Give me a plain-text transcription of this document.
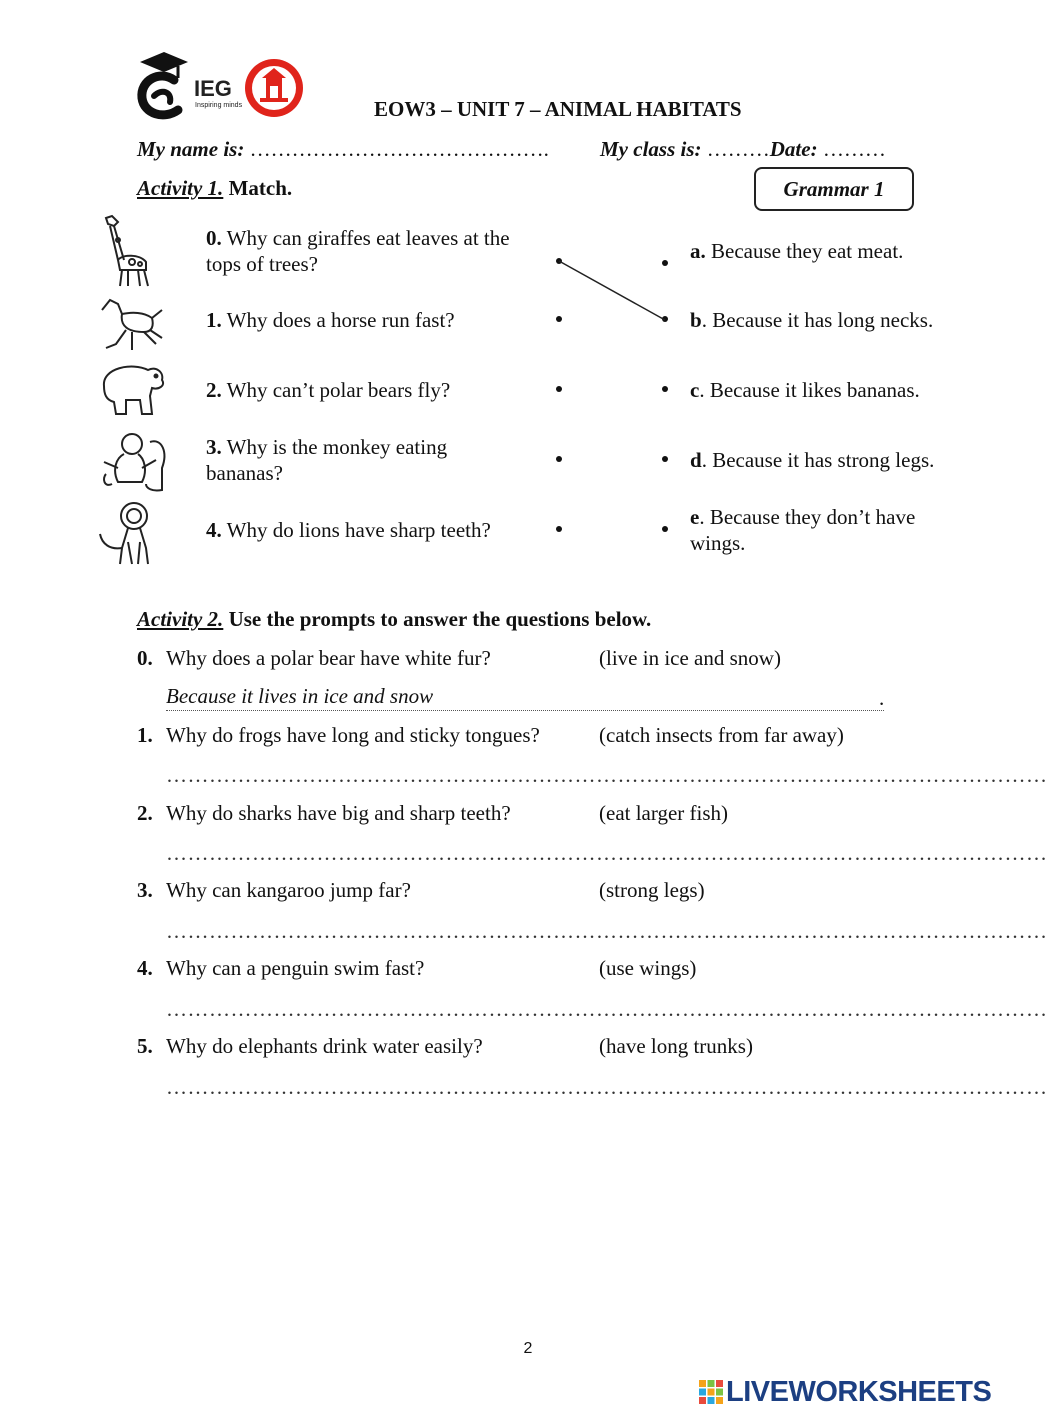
IEG
Inspiring minds	EOW3 – UNIT 7 – ANIMAL HABITATS
My name is: ……………………………………. My class is: ………Date: ………
Activity 1. Match.	Grammar 1
0. Why can giraffes eat leaves at the tops of trees?
1. Why does a horse run fast?
2. Why can’t polar bears fly?
3. Why is the monkey eating bananas?
4. Why do lions have sharp teeth?
a. Because they eat meat.
b. Because it has long necks.
c. Because it likes bananas.
d. Because it has strong legs.
e. Because they don’t have wings.
Activity 2. Use the prompts to answer the questions below.
0. Why does a polar bear have white fur?	(live in ice and snow)
Because it lives in ice and snow	.
1. Why do frogs have long and sticky tongues?	(catch insects from far away)
……………………………………………………………………………………………………………
2. Why do sharks have big and sharp teeth?	(eat larger fish)
……………………………………………………………………………………………………………
3. Why can kangaroo jump far?	(strong legs)
……………………………………………………………………………………………………………
4. Why can a penguin swim fast?	(use wings)
……………………………………………………………………………………………………………
5. Why do elephants drink water easily?	(have long trunks)
……………………………………………………………………………………………………………
2
LIVEWORKSHEETS
